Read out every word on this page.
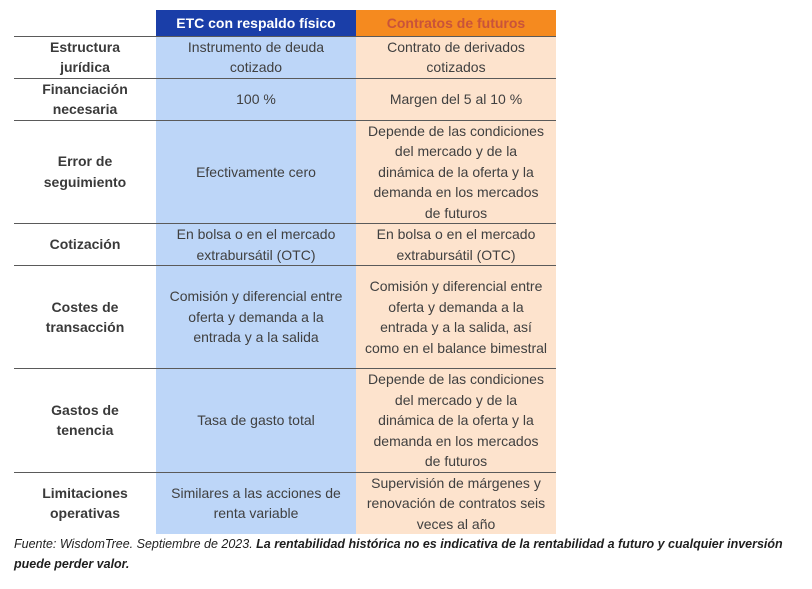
	ETC con respaldo físico	Contratos de futuros
Estructura jurídica	Instrumento de deuda cotizado	Contrato de derivados cotizados
Financiación necesaria	100 %	Margen del 5 al 10 %
Error de seguimiento	Efectivamente cero	Depende de las condiciones del mercado y de la dinámica de la oferta y la demanda en los mercados de futuros
Cotización	En bolsa o en el mercado extrabursátil (OTC)	En bolsa o en el mercado extrabursátil (OTC)
Costes de transacción	Comisión y diferencial entre oferta y demanda a la entrada y a la salida	Comisión y diferencial entre oferta y demanda a la entrada y a la salida, así como en el balance bimestral
Gastos de tenencia	Tasa de gasto total	Depende de las condiciones del mercado y de la dinámica de la oferta y la demanda en los mercados de futuros
Limitaciones operativas	Similares a las acciones de renta variable	Supervisión de márgenes y renovación de contratos seis veces al año
Fuente: WisdomTree. Septiembre de 2023. La rentabilidad histórica no es indicativa de la rentabilidad a futuro y cualquier inversión puede perder valor.
